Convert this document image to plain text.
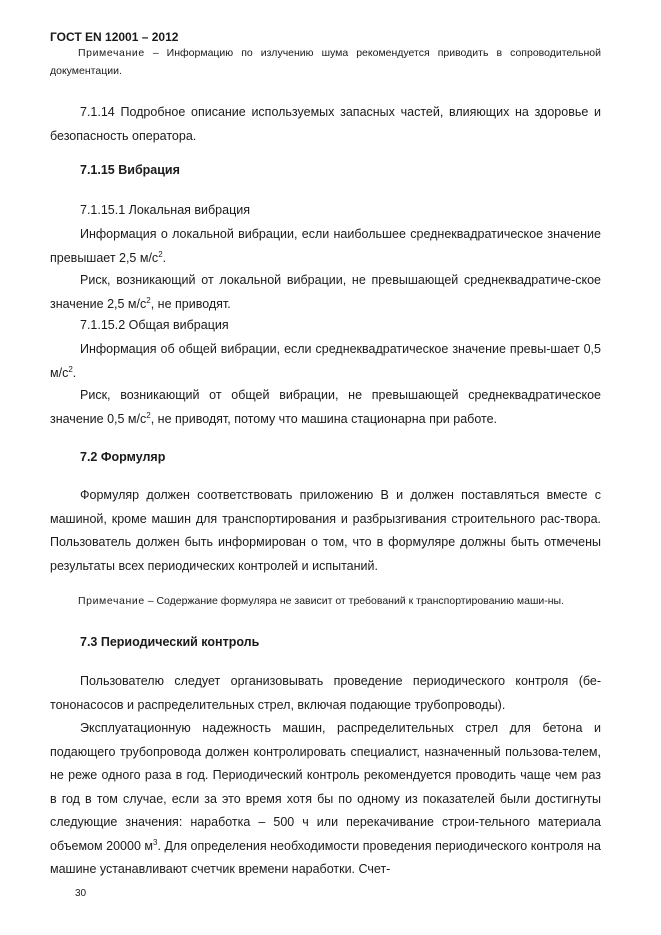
ГОСТ EN 12001 – 2012
Примечание – Информацию по излучению шума рекомендуется приводить в сопроводительной документации.
7.1.14 Подробное описание используемых запасных частей, влияющих на здоровье и безопасность оператора.
7.1.15 Вибрация
7.1.15.1 Локальная вибрация
Информация о локальной вибрации, если наибольшее среднеквадратическое значение превышает 2,5 $м/с^2$.
Риск, возникающий от локальной вибрации, не превышающей среднеквадратиче-ское значение 2,5 $м/с^2$, не приводят.
7.1.15.2 Общая вибрация
Информация об общей вибрации, если среднеквадратическое значение превы-шает 0,5 $м/с^2$.
Риск, возникающий от общей вибрации, не превышающей среднеквадратическое значение 0,5 $м/с^2$, не приводят, потому что машина стационарна при работе.
7.2 Формуляр
Формуляр должен соответствовать приложению В и должен поставляться вместе с машиной, кроме машин для транспортирования и разбрызгивания строительного рас-твора. Пользователь должен быть информирован о том, что в формуляре должны быть отмечены результаты всех периодических контролей и испытаний.
Примечание – Содержание формуляра не зависит от требований к транспортированию маши-ны.
7.3 Периодический контроль
Пользователю следует организовывать проведение периодического контроля (бе-тононасосов и распределительных стрел, включая подающие трубопроводы).
Эксплуатационную надежность машин, распределительных стрел для бетона и подающего трубопровода должен контролировать специалист, назначенный пользова-телем, не реже одного раза в год. Периодический контроль рекомендуется проводить чаще чем раз в год в том случае, если за это время хотя бы по одному из показателей были достигнуты следующие значения: наработка – 500 ч или перекачивание строи-тельного материала объемом 20000 $м^3$. Для определения необходимости проведения периодического контроля на машине устанавливают счетчик времени наработки. Счет-
30
